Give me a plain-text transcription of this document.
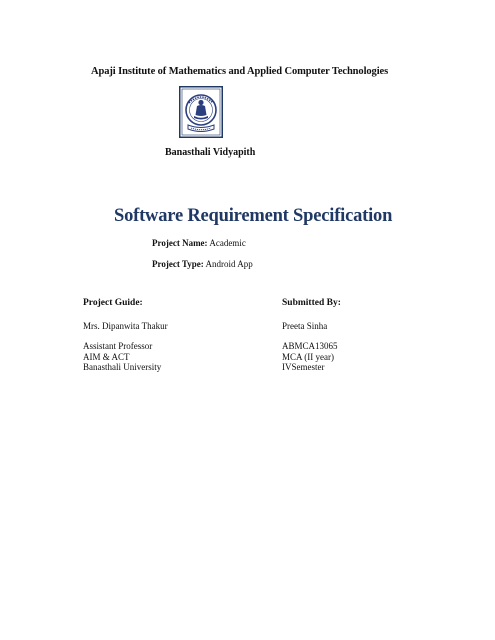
Apaji Institute of Mathematics and Applied Computer Technologies
Banasthali Vidyapith
Software Requirement Specification
Project Name: Academic
Project Type: Android App
Project Guide:	Submitted By:
Mrs. Dipanwita Thakur
Assistant Professor
AIM & ACT
Banasthali University
Preeta Sinha
ABMCA13065
MCA (II year)
IVSemester
